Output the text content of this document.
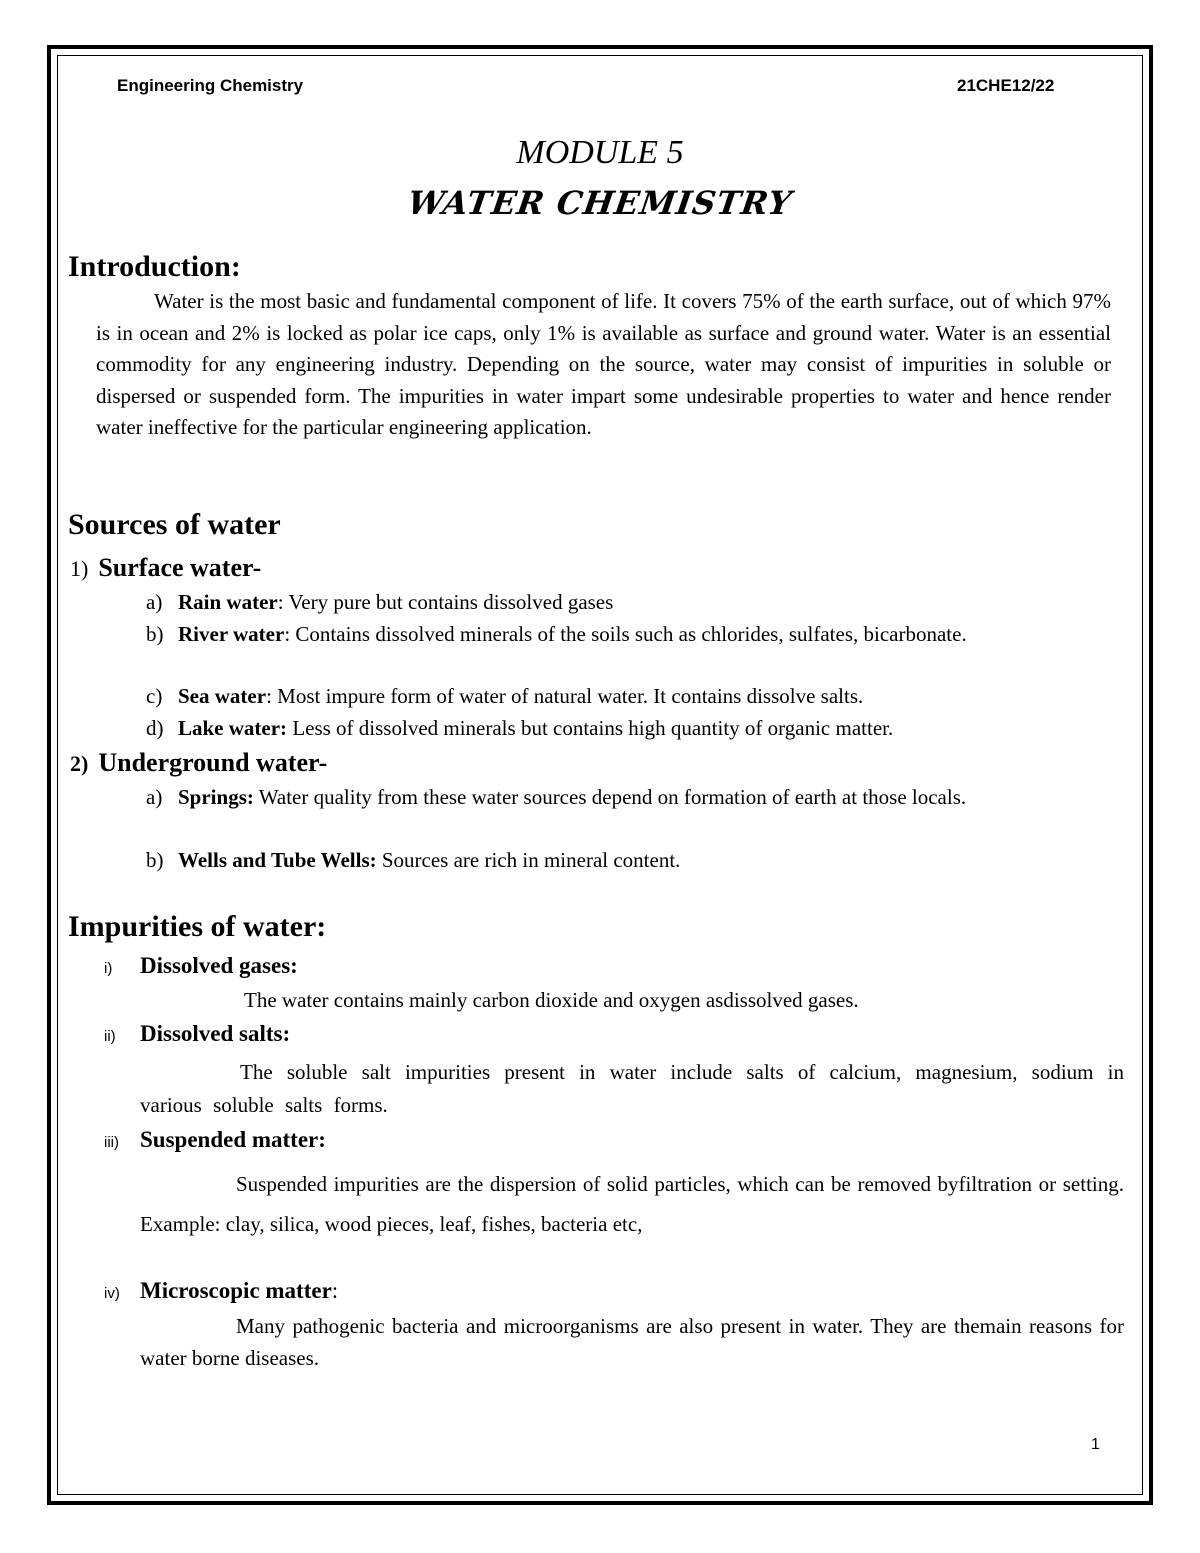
Engineering Chemistry	21CHE12/22
MODULE 5
WATER CHEMISTRY
Introduction:
Water is the most basic and fundamental component of life. It covers 75% of the earth surface, out of which 97% is in ocean and 2% is locked as polar ice caps, only 1% is available as surface and ground water. Water is an essential commodity for any engineering industry. Depending on the source, water may consist of impurities in soluble or dispersed or suspended form. The impurities in water impart some undesirable properties to water and hence render water ineffective for the particular engineering application.
Sources of water
1) Surface water-
a) Rain water: Very pure but contains dissolved gases
b) River water: Contains dissolved minerals of the soils such as chlorides, sulfates, bicarbonate.
c) Sea water: Most impure form of water of natural water. It contains dissolve salts.
d) Lake water: Less of dissolved minerals but contains high quantity of organic matter.
2) Underground water-
a) Springs: Water quality from these water sources depend on formation of earth at those locals.
b) Wells and Tube Wells: Sources are rich in mineral content.
Impurities of water:
i) Dissolved gases:
The water contains mainly carbon dioxide and oxygen asdissolved gases.
ii) Dissolved salts:
The soluble salt impurities present in water include salts of calcium, magnesium, sodium in various soluble salts forms.
iii) Suspended matter:
Suspended impurities are the dispersion of solid particles, which can be removed byfiltration or setting. Example: clay, silica, wood pieces, leaf, fishes, bacteria etc,
iv) Microscopic matter:
Many pathogenic bacteria and microorganisms are also present in water. They are themain reasons for water borne diseases.
1
